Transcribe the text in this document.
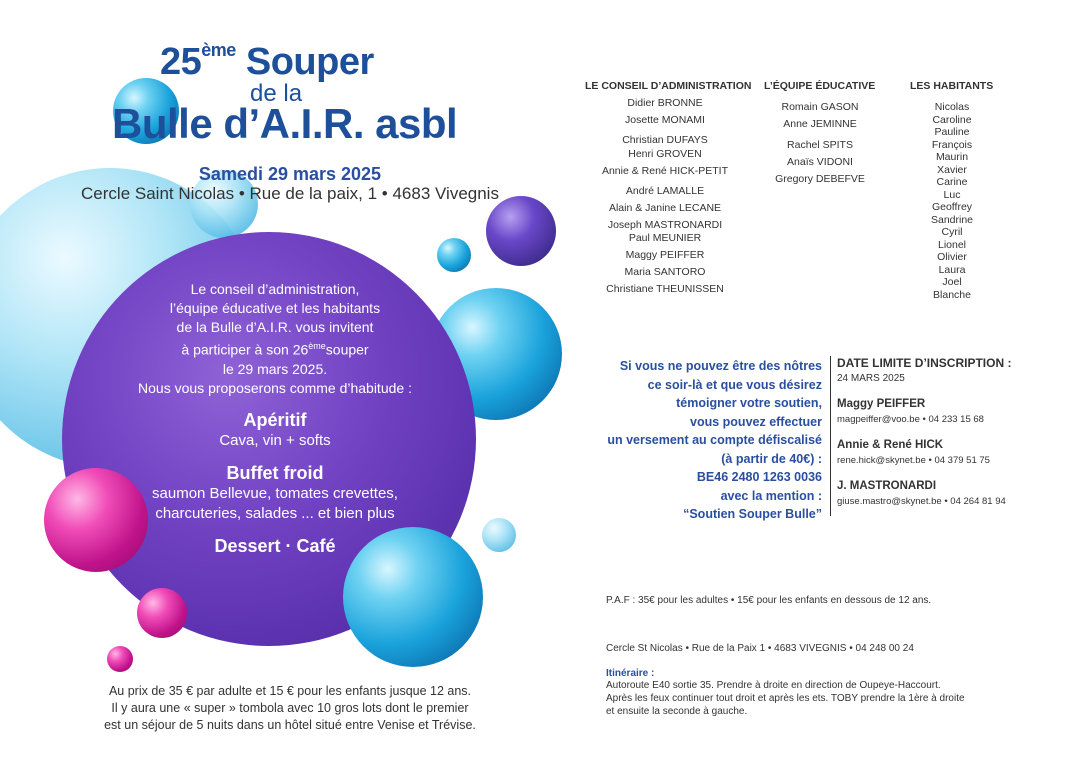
25ème Souper
de la
Bulle d’A.I.R. asbl
Samedi 29 mars 2025
Cercle Saint Nicolas • Rue de la paix, 1 • 4683 Vivegnis
Le conseil d’administration,
l’équipe éducative et les habitants
de la Bulle d’A.I.R. vous invitent
à participer à son 26èmesouper
le 29 mars 2025.
Nous vous proposerons comme d’habitude :
Apéritif
Cava, vin + softs
Buffet froid
saumon Bellevue, tomates crevettes,
charcuteries, salades ... et bien plus
Dessert · Café
Au prix de 35 € par adulte et 15 € pour les enfants jusque 12 ans.
Il y aura une « super » tombola avec 10 gros lots dont le premier
est un séjour de 5 nuits dans un hôtel situé entre Venise et Trévise.
LE CONSEIL D’ADMINISTRATION
Didier BRONNE
Josette MONAMI
Christian DUFAYS
Henri GROVEN
Annie & René HICK-PETIT
André LAMALLE
Alain & Janine LECANE
Joseph MASTRONARDI
Paul MEUNIER
Maggy PEIFFER
Maria SANTORO
Christiane THEUNISSEN
L’ÉQUIPE ÉDUCATIVE
Romain GASON
Anne JEMINNE
Rachel SPITS
Anaïs VIDONI
Gregory DEBEFVE
LES HABITANTS
Nicolas
Caroline
Pauline
François
Maurin
Xavier
Carine
Luc
Geoffrey
Sandrine
Cyril
Lionel
Olivier
Laura
Joel
Blanche
Si vous ne pouvez être des nôtres
ce soir-là et que vous désirez
témoigner votre soutien,
vous pouvez effectuer
un versement au compte défiscalisé
(à partir de 40€) :
BE46 2480 1263 0036
avec la mention :
“Soutien Souper Bulle”
DATE LIMITE D’INSCRIPTION :
24 MARS 2025
Maggy PEIFFER
magpeiffer@voo.be • 04 233 15 68
Annie & René HICK
rene.hick@skynet.be • 04 379 51 75
J. MASTRONARDI
giuse.mastro@skynet.be • 04 264 81 94
P.A.F : 35€ pour les adultes • 15€ pour les enfants en dessous de 12 ans.
Cercle St Nicolas • Rue de la Paix 1 • 4683 VIVEGNIS • 04 248 00 24
Itinéraire :
Autoroute E40 sortie 35. Prendre à droite en direction de Oupeye-Haccourt.
Après les feux continuer tout droit et après les ets. TOBY prendre la 1ère à droite
et ensuite la seconde à gauche.
